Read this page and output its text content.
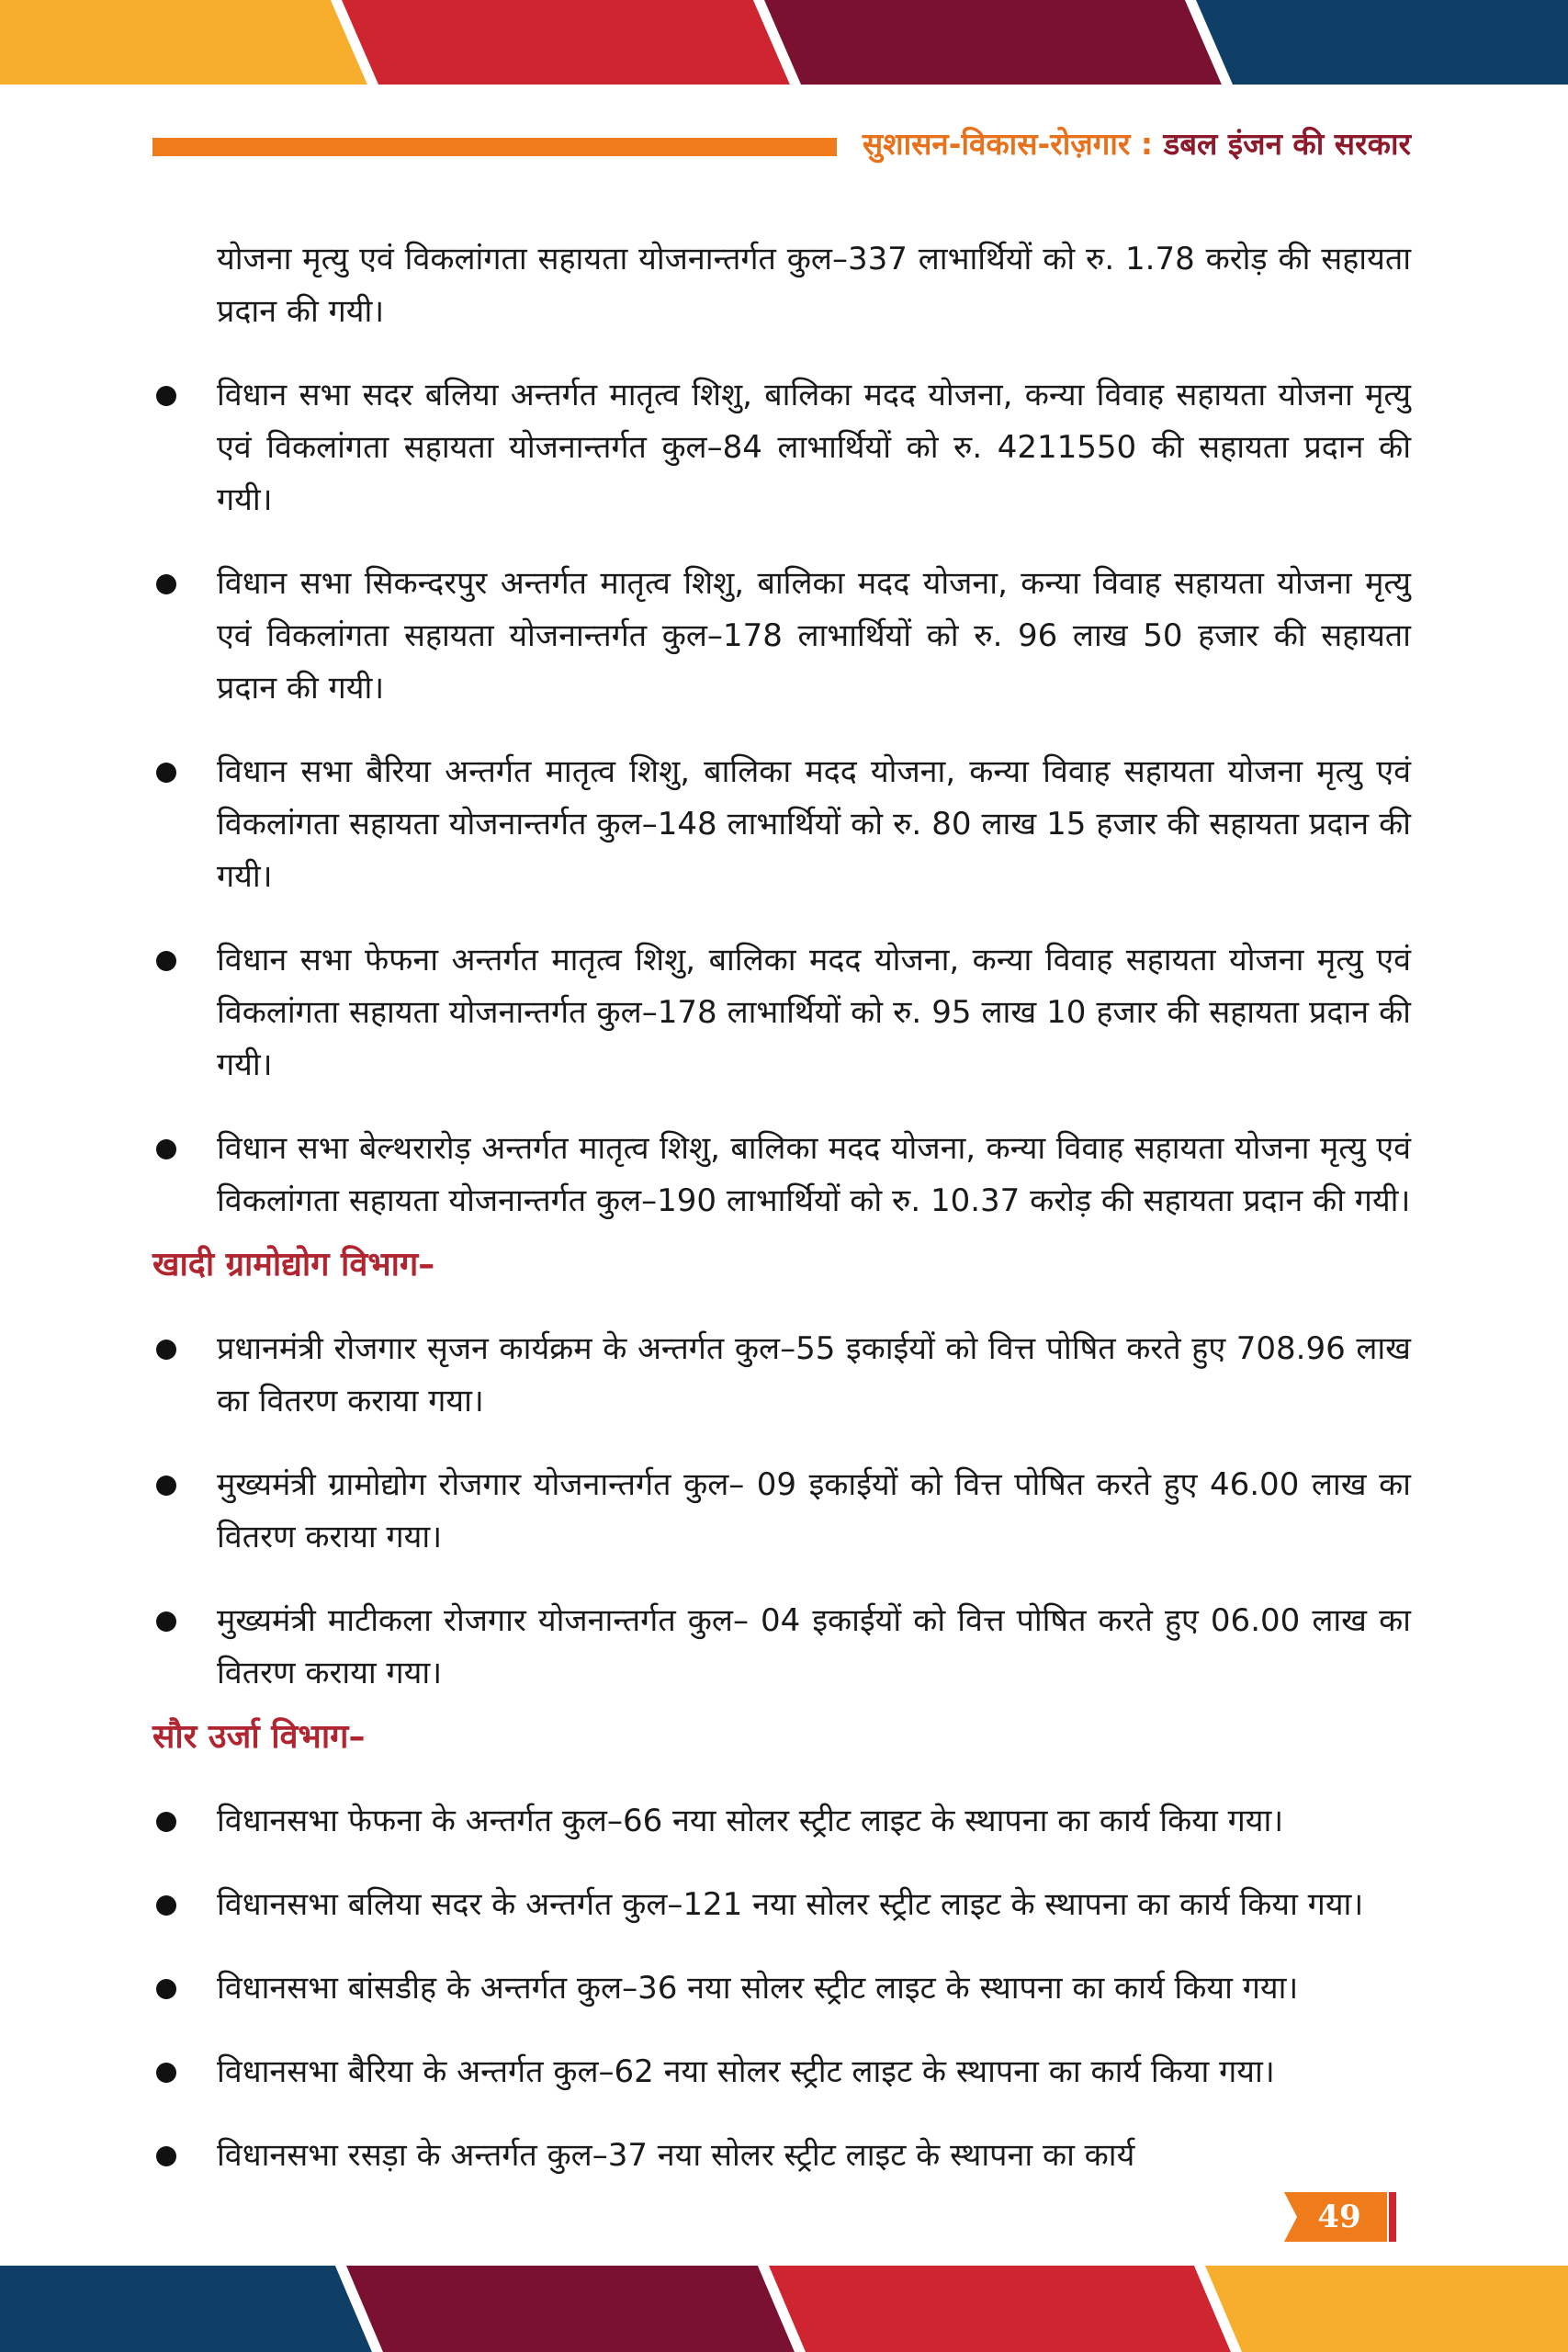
सुशासन-विकास-रोज़गार : डबल इंजन की सरकार

योजना मृत्यु एवं विकलांगता सहायता योजनान्तर्गत कुल–337 लाभार्थियों को रु. 1.78 करोड़ की सहायता प्रदान की गयी।

विधान सभा सदर बलिया अन्तर्गत मातृत्व शिशु, बालिका मदद योजना, कन्या विवाह सहायता योजना मृत्यु एवं विकलांगता सहायता योजनान्तर्गत कुल–84 लाभार्थियों को रु. 4211550 की सहायता प्रदान की गयी।

विधान सभा सिकन्दरपुर अन्तर्गत मातृत्व शिशु, बालिका मदद योजना, कन्या विवाह सहायता योजना मृत्यु एवं विकलांगता सहायता योजनान्तर्गत कुल–178 लाभार्थियों को रु. 96 लाख 50 हजार की सहायता प्रदान की गयी।

विधान सभा बैरिया अन्तर्गत मातृत्व शिशु, बालिका मदद योजना, कन्या विवाह सहायता योजना मृत्यु एवं विकलांगता सहायता योजनान्तर्गत कुल–148 लाभार्थियों को रु. 80 लाख 15 हजार की सहायता प्रदान की गयी।

विधान सभा फेफना अन्तर्गत मातृत्व शिशु, बालिका मदद योजना, कन्या विवाह सहायता योजना मृत्यु एवं विकलांगता सहायता योजनान्तर्गत कुल–178 लाभार्थियों को रु. 95 लाख 10 हजार की सहायता प्रदान की गयी।

विधान सभा बेल्थरारोड़ अन्तर्गत मातृत्व शिशु, बालिका मदद योजना, कन्या विवाह सहायता योजना मृत्यु एवं विकलांगता सहायता योजनान्तर्गत कुल–190 लाभार्थियों को रु. 10.37 करोड़ की सहायता प्रदान की गयी।

खादी ग्रामोद्योग विभाग–

प्रधानमंत्री रोजगार सृजन कार्यक्रम के अन्तर्गत कुल–55 इकाईयों को वित्त पोषित करते हुए 708.96 लाख का वितरण कराया गया।

मुख्यमंत्री ग्रामोद्योग रोजगार योजनान्तर्गत कुल– 09 इकाईयों को वित्त पोषित करते हुए 46.00 लाख का वितरण कराया गया।

मुख्यमंत्री माटीकला रोजगार योजनान्तर्गत कुल– 04 इकाईयों को वित्त पोषित करते हुए 06.00 लाख का वितरण कराया गया।

सौर उर्जा विभाग–

विधानसभा फेफना के अन्तर्गत कुल–66 नया सोलर स्ट्रीट लाइट के स्थापना का कार्य किया गया।

विधानसभा बलिया सदर के अन्तर्गत कुल–121 नया सोलर स्ट्रीट लाइट के स्थापना का कार्य किया गया।

विधानसभा बांसडीह के अन्तर्गत कुल–36 नया सोलर स्ट्रीट लाइट के स्थापना का कार्य किया गया।

विधानसभा बैरिया के अन्तर्गत कुल–62 नया सोलर स्ट्रीट लाइट के स्थापना का कार्य किया गया।

विधानसभा रसड़ा के अन्तर्गत कुल–37 नया सोलर स्ट्रीट लाइट के स्थापना का कार्य

49
